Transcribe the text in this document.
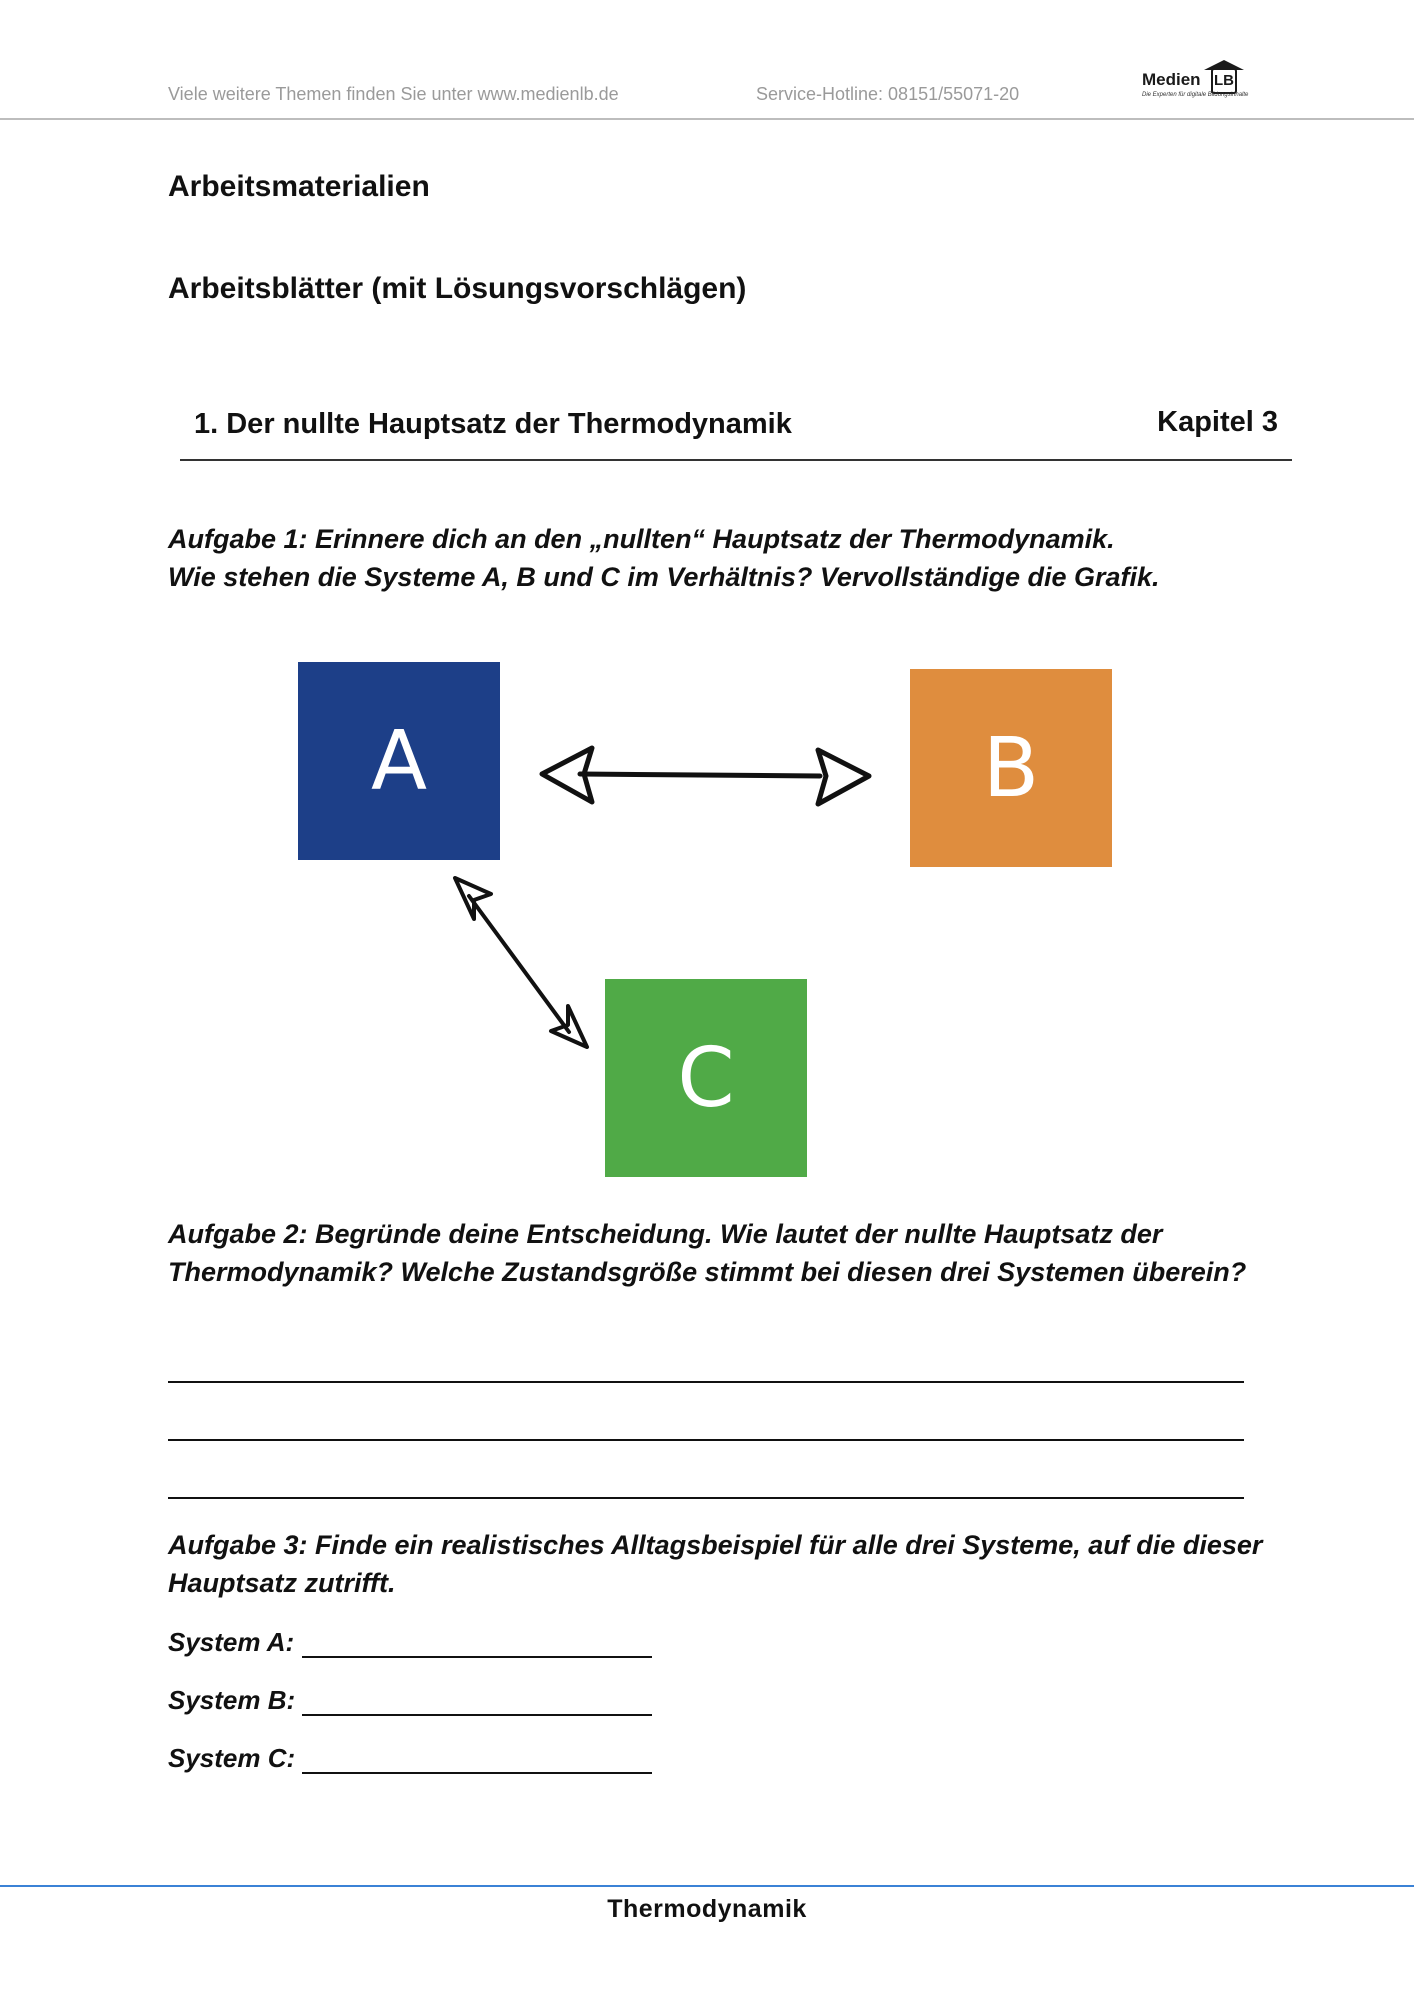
Viele weitere Themen finden Sie unter www.medienlb.de	Service-Hotline: 08151/55071-20
Medien LB
Die Experten für digitale Bildungsinhalte
Arbeitsmaterialien
Arbeitsblätter (mit Lösungsvorschlägen)
1. Der nullte Hauptsatz der Thermodynamik	Kapitel 3
Aufgabe 1: Erinnere dich an den „nullten“ Hauptsatz der Thermodynamik.
Wie stehen die Systeme A, B und C im Verhältnis? Vervollständige die Grafik.
A	B
C
Aufgabe 2: Begründe deine Entscheidung. Wie lautet der nullte Hauptsatz der Thermodynamik? Welche Zustandsgröße stimmt bei diesen drei Systemen überein?
Aufgabe 3: Finde ein realistisches Alltagsbeispiel für alle drei Systeme, auf die dieser Hauptsatz zutrifft.
System A:
System B:
System C:
Thermodynamik
